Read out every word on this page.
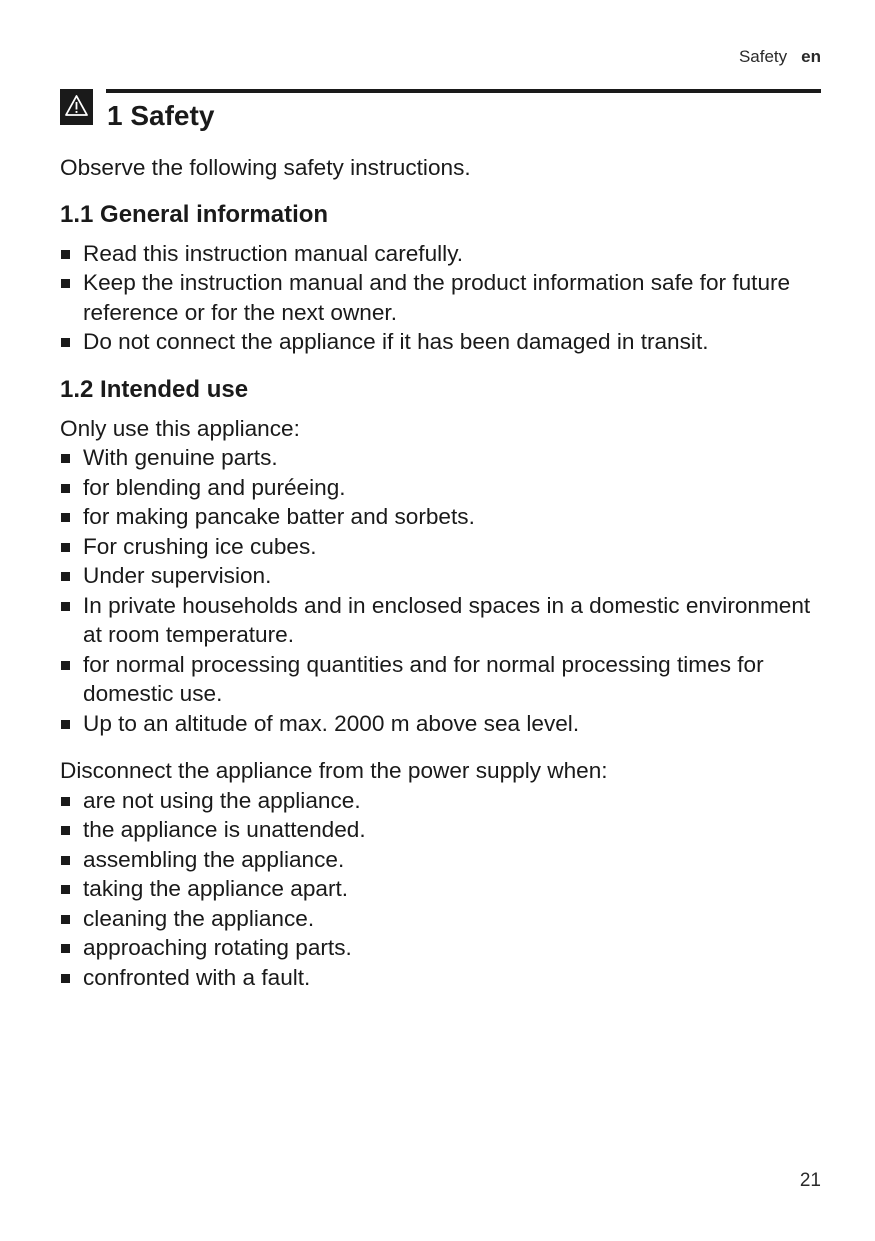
Safety en
1 Safety

Observe the following safety instructions.

1.1 General information
Read this instruction manual carefully.
Keep the instruction manual and the product information safe for future reference or for the next owner.
Do not connect the appliance if it has been damaged in transit.
1.2 Intended use

Only use this appliance:

With genuine parts.
for blending and puréeing.
for making pancake batter and sorbets.
For crushing ice cubes.
Under supervision.
In private households and in enclosed spaces in a domestic environment at room temperature.
for normal processing quantities and for normal processing times for domestic use.
Up to an altitude of max. 2000 m above sea level.

Disconnect the appliance from the power supply when:

are not using the appliance.
the appliance is unattended.
assembling the appliance.
taking the appliance apart.
cleaning the appliance.
approaching rotating parts.
confronted with a fault.
21
